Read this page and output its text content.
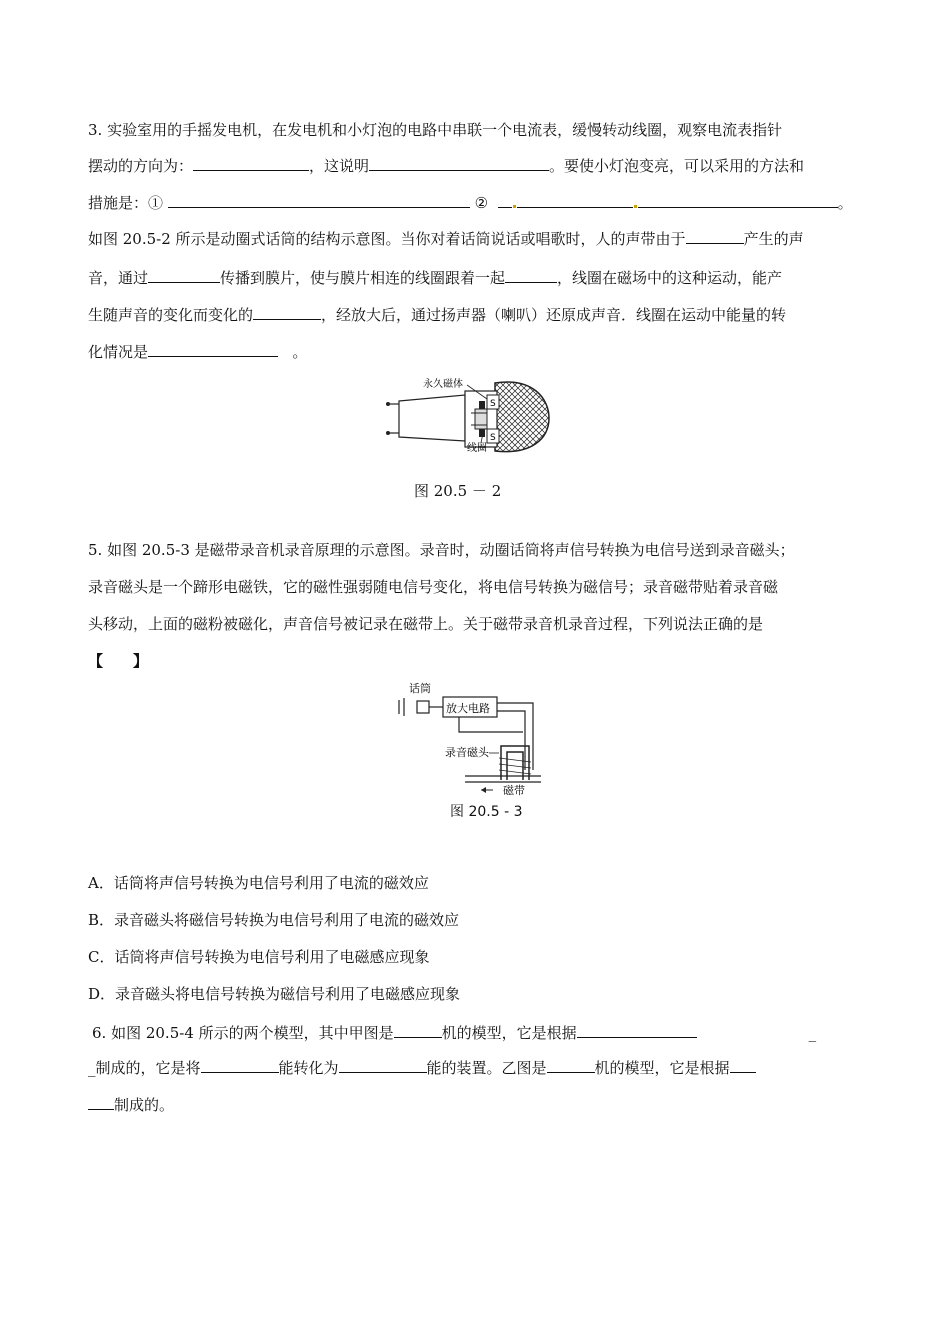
3. 实验室用的手摇发电机，在发电机和小灯泡的电路中串联一个电流表，缓慢转动线圈，观察电流表指针
摆动的方向为：	，这说明	。要使小灯泡变亮，可以采用的方法和
措施是：①	②	。
如图 20.5-2 所示是动圈式话筒的结构示意图。当你对着话筒说话或唱歌时，人的声带由于	产生的声
音，通过	传播到膜片，使与膜片相连的线圈跟着一起	，线圈在磁场中的这种运动，能产
生随声音的变化而变化的	，经放大后，通过扬声器（喇叭）还原成声音．线圈在运动中能量的转
化情况是	。
S
S
永久磁体
线圈
图 20.5 － 2
5. 如图 20.5-3 是磁带录音机录音原理的示意图。录音时，动圈话筒将声信号转换为电信号送到录音磁头；
录音磁头是一个蹄形电磁铁，它的磁性强弱随电信号变化，将电信号转换为磁信号；录音磁带贴着录音磁
头移动，上面的磁粉被磁化，声音信号被记录在磁带上。关于磁带录音机录音过程，下列说法正确的是
【　　】
话筒
放大电路
录音磁头
磁带
图 20.5 - 3
A．话筒将声信号转换为电信号利用了电流的磁效应
B．录音磁头将磁信号转换为电信号利用了电流的磁效应
C．话筒将声信号转换为电信号利用了电磁感应现象
D．录音磁头将电信号转换为磁信号利用了电磁感应现象
6. 如图 20.5-4 所示的两个模型，其中甲图是	机的模型，它是根据	_
_制成的，它是将	能转化为	能的装置。乙图是	机的模型，它是根据
制成的。
